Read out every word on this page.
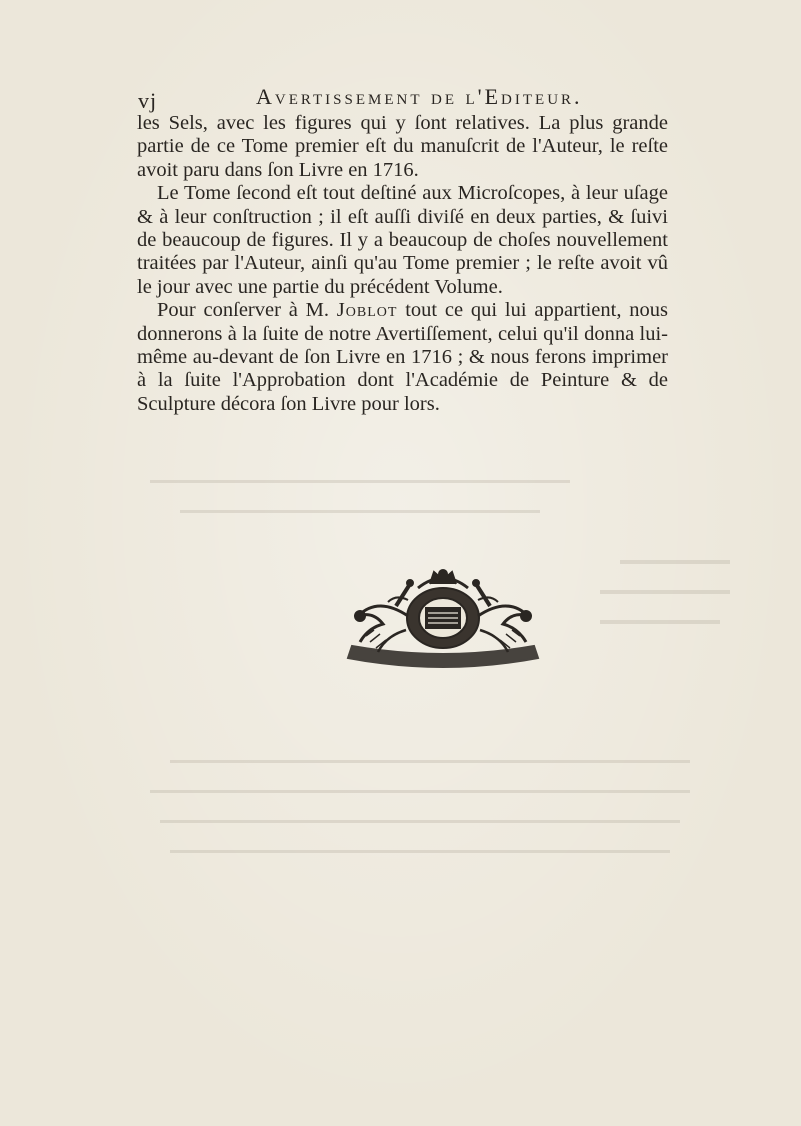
vj	Avertissement de l'Editeur.

les Sels, avec les figures qui y ſont relatives. La plus grande partie de ce Tome premier eſt du manuſcrit de l'Auteur, le reſte avoit paru dans ſon Livre en 1716.

Le Tome ſecond eſt tout deſtiné aux Microſcopes, à leur uſage & à leur conſtruction ; il eſt auſſi diviſé en deux parties, & ſuivi de beaucoup de figures. Il y a beaucoup de choſes nouvellement traitées par l'Auteur, ainſi qu'au Tome premier ; le reſte avoit vû le jour avec une partie du précédent Volume.

Pour conſerver à M. Joblot tout ce qui lui appartient, nous donnerons à la ſuite de notre Avertiſſement, celui qu'il donna lui-même au-devant de ſon Livre en 1716 ; & nous ferons imprimer à la ſuite l'Approbation dont l'Académie de Peinture & de Sculpture décora ſon Livre pour lors.
